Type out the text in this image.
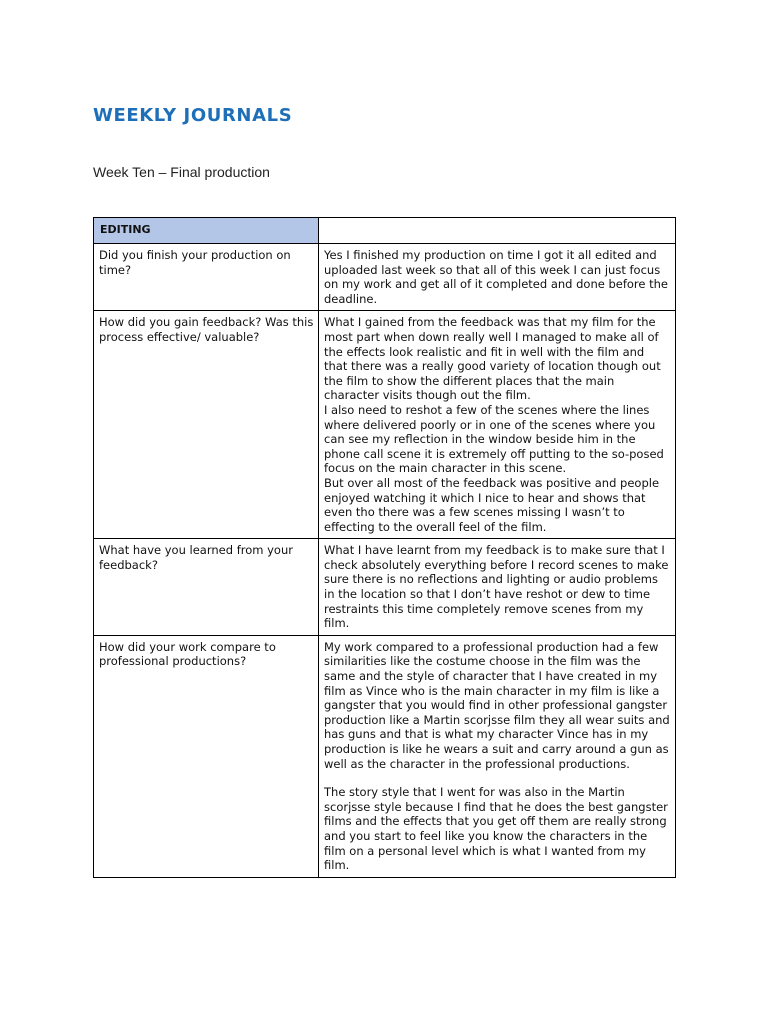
WEEKLY JOURNALS

Week Ten – Final production

EDITING	
Did you finish your production on time?	Yes I finished my production on time I got it all edited and uploaded last week so that all of this week I can just focus on my work and get all of it completed and done before the deadline.

How did you gain feedback? Was this process effective/ valuable?	What I gained from the feedback was that my film for the most part when down really well I managed to make all of the effects look realistic and fit in well with the film and that there was a really good variety of location though out the film to show the different places that the main character visits though out the film.

I also need to reshot a few of the scenes where the lines where delivered poorly or in one of the scenes where you can see my reflection in the window beside him in the phone call scene it is extremely off putting to the so-posed focus on the main character in this scene.

But over all most of the feedback was positive and people enjoyed watching it which I nice to hear and shows that even tho there was a few scenes missing I wasn’t to effecting to the overall feel of the film.

What have you learned from your feedback?	What I have learnt from my feedback is to make sure that I check absolutely everything before I record scenes to make sure there is no reflections and lighting or audio problems in the location so that I don’t have reshot or dew to time restraints this time completely remove scenes from my film.

How did your work compare to professional productions?	My work compared to a professional production had a few similarities like the costume choose in the film was the same and the style of character that I have created in my film as Vince who is the main character in my film is like a gangster that you would find in other professional gangster production like a Martin scorjsse film they all wear suits and has guns and that is what my character Vince has in my production is like he wears a suit and carry around a gun as well as the character in the professional productions.

The story style that I went for was also in the Martin scorjsse style because I find that he does the best gangster films and the effects that you get off them are really strong and you start to feel like you know the characters in the film on a personal level which is what I wanted from my film.
